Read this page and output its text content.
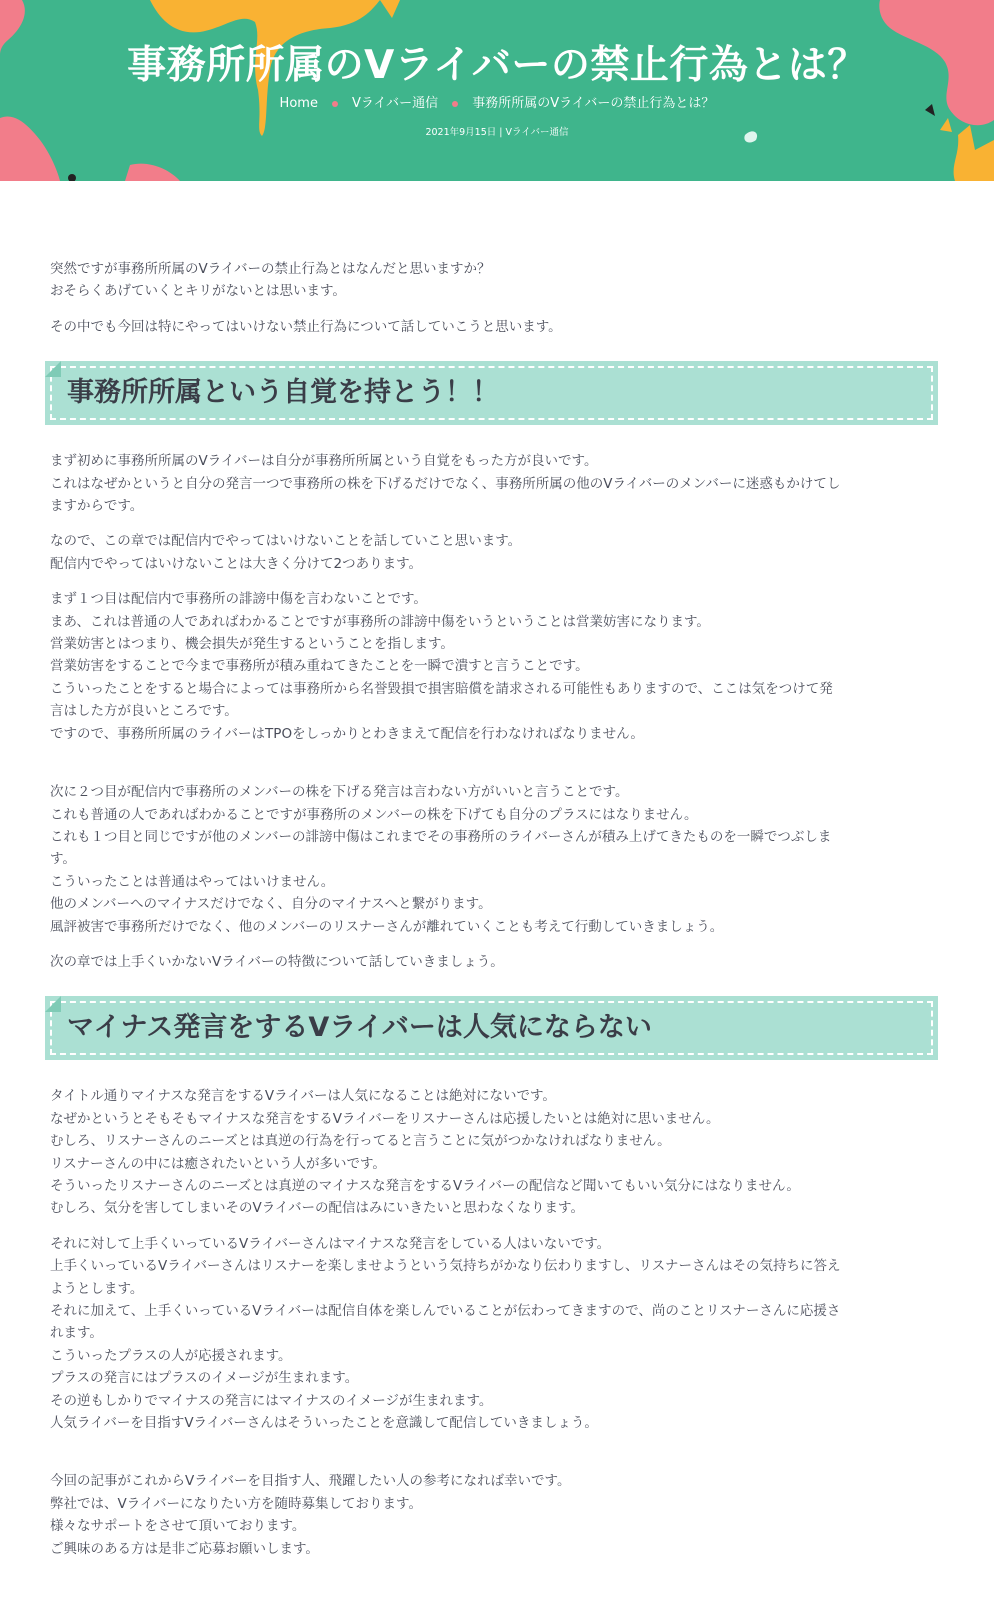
事務所所属のVライバーの禁止行為とは？
Home	Vライバー通信	事務所所属のVライバーの禁止行為とは？
2021年9月15日 | Vライバー通信

突然ですが事務所所属のVライバーの禁止行為とはなんだと思いますか？
おそらくあげていくとキリがないとは思います。

その中でも今回は特にやってはいけない禁止行為について話していこうと思います。

事務所所属という自覚を持とう！！

まず初めに事務所所属のVライバーは自分が事務所所属という自覚をもった方が良いです。
これはなぜかというと自分の発言一つで事務所の株を下げるだけでなく、事務所所属の他のVライバーのメンバーに迷惑もかけてし
ますからです。

なので、この章では配信内でやってはいけないことを話していこと思います。
配信内でやってはいけないことは大きく分けて2つあります。

まず１つ目は配信内で事務所の誹謗中傷を言わないことです。
まあ、これは普通の人であればわかることですが事務所の誹謗中傷をいうということは営業妨害になります。
営業妨害とはつまり、機会損失が発生するということを指します。
営業妨害をすることで今まで事務所が積み重ねてきたことを一瞬で潰すと言うことです。
こういったことをすると場合によっては事務所から名誉毀損で損害賠償を請求される可能性もありますので、ここは気をつけて発
言はした方が良いところです。
ですので、事務所所属のライバーはTPOをしっかりとわきまえて配信を行わなければなりません。

次に２つ目が配信内で事務所のメンバーの株を下げる発言は言わない方がいいと言うことです。
これも普通の人であればわかることですが事務所のメンバーの株を下げても自分のプラスにはなりません。
これも１つ目と同じですが他のメンバーの誹謗中傷はこれまでその事務所のライバーさんが積み上げてきたものを一瞬でつぶしま
す。
こういったことは普通はやってはいけません。
他のメンバーへのマイナスだけでなく、自分のマイナスへと繋がります。
風評被害で事務所だけでなく、他のメンバーのリスナーさんが離れていくことも考えて行動していきましょう。

次の章では上手くいかないVライバーの特徴について話していきましょう。

マイナス発言をするVライバーは人気にならない

タイトル通りマイナスな発言をするVライバーは人気になることは絶対にないです。
なぜかというとそもそもマイナスな発言をするVライバーをリスナーさんは応援したいとは絶対に思いません。
むしろ、リスナーさんのニーズとは真逆の行為を行ってると言うことに気がつかなければなりません。
リスナーさんの中には癒されたいという人が多いです。
そういったリスナーさんのニーズとは真逆のマイナスな発言をするVライバーの配信など聞いてもいい気分にはなりません。
むしろ、気分を害してしまいそのVライバーの配信はみにいきたいと思わなくなります。

それに対して上手くいっているVライバーさんはマイナスな発言をしている人はいないです。
上手くいっているVライバーさんはリスナーを楽しませようという気持ちがかなり伝わりますし、リスナーさんはその気持ちに答え
ようとします。
それに加えて、上手くいっているVライバーは配信自体を楽しんでいることが伝わってきますので、尚のことリスナーさんに応援さ
れます。
こういったプラスの人が応援されます。
プラスの発言にはプラスのイメージが生まれます。
その逆もしかりでマイナスの発言にはマイナスのイメージが生まれます。
人気ライバーを目指すVライバーさんはそういったことを意識して配信していきましょう。

今回の記事がこれからVライバーを目指す人、飛躍したい人の参考になれば幸いです。
弊社では、Vライバーになりたい方を随時募集しております。
様々なサポートをさせて頂いております。
ご興味のある方は是非ご応募お願いします。
